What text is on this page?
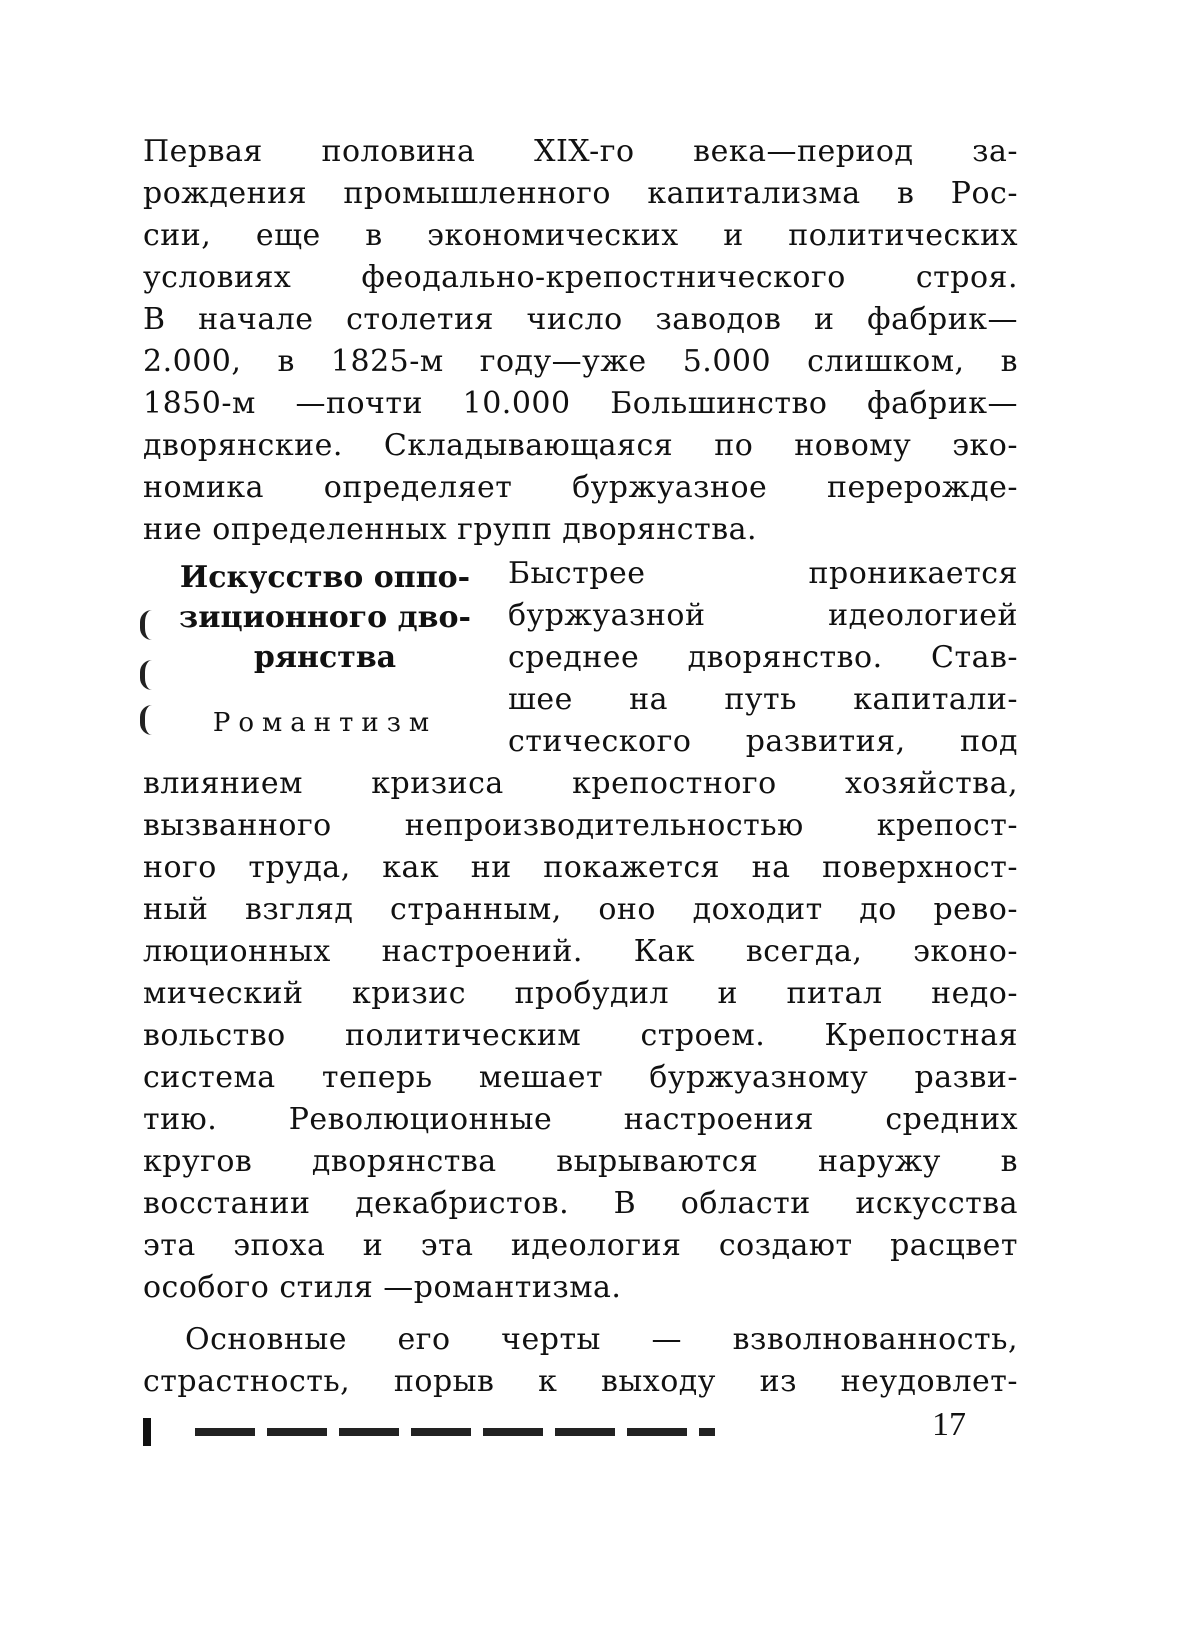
Первая половина XIX-го века—период за-
рождения промышленного капитализма в Рос-
сии, еще в экономических и политических
условиях феодально-крепостнического строя.
В начале столетия число заводов и фабрик—
2.000, в 1825-м году—уже 5.000 слишком, в
1850-м —почти 10.000 Большинство фабрик—
дворянские. Складывающаяся по новому эко-
номика определяет буржуазное перерожде-
ние определенных групп дворянства.
Искусство оппо-
зиционного дво-
рянства
Романтизм
Быстрее проникается
буржуазной идеологией
среднее дворянство. Став-
шее на путь капитали-
стического развития, под
влиянием кризиса крепостного хозяйства,
вызванного непроизводительностью крепост-
ного труда, как ни покажется на поверхност-
ный взгляд странным, оно доходит до рево-
люционных настроений. Как всегда, эконо-
мический кризис пробудил и питал недо-
вольство политическим строем. Крепостная
система теперь мешает буржуазному разви-
тию. Революционные настроения средних
кругов дворянства вырываются наружу в
восстании декабристов. В области искусства
эта эпоха и эта идеология создают расцвет
особого стиля —романтизма.
Основные его черты — взволнованность,
страстность, порыв к выходу из неудовлет-
17
